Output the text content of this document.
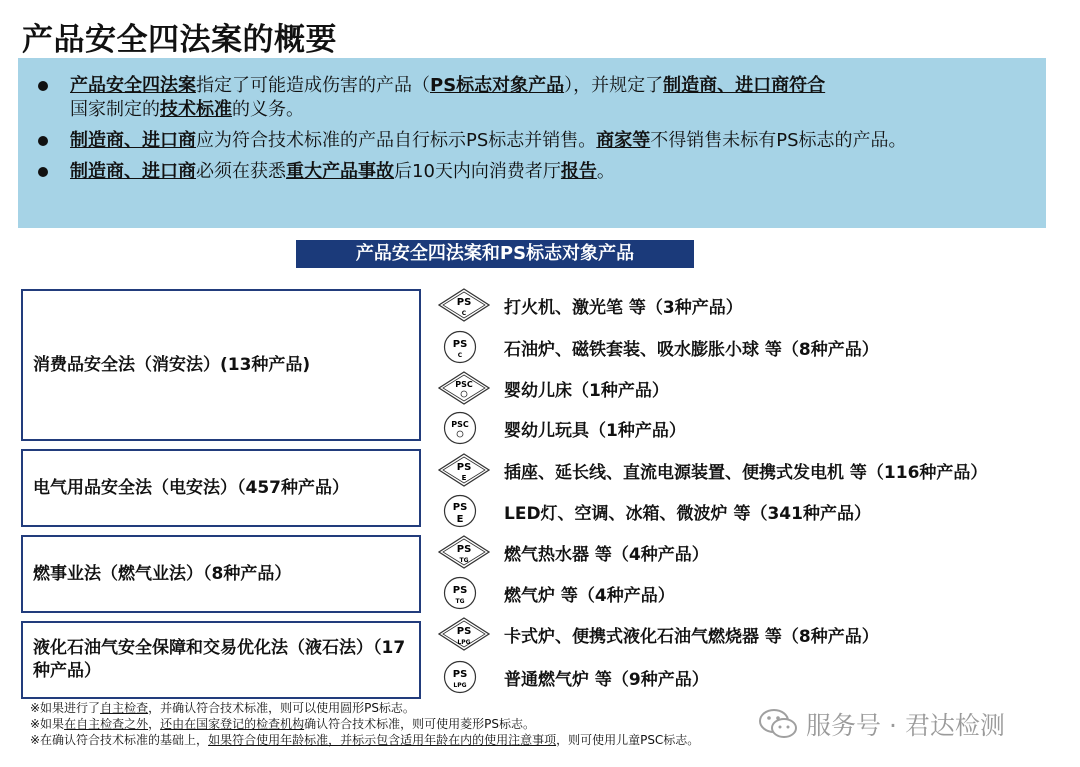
产品安全四法案的概要
产品安全四法案指定了可能造成伤害的产品（PS标志对象产品），并规定了制造商、进口商符合
国家制定的技术标准的义务。
制造商、进口商应为符合技术标准的产品自行标示PS标志并销售。商家等不得销售未标有PS标志的产品。
制造商、进口商必须在获悉重大产品事故后10天内向消费者厅报告。
产品安全四法案和PS标志对象产品
消费品安全法（消安法）(13种产品)
电气用品安全法（电安法）（457种产品）
燃事业法（燃气业法）（8种产品）
液化石油气安全保障和交易优化法（液石法）（17种产品）
PS
C 打火机、激光笔 等（3种产品）
PS
C 石油炉、磁铁套装、吸水膨胀小球 等（8种产品）
PSC 婴幼儿床（1种产品）
PSC 婴幼儿玩具（1种产品）
PS
E 插座、延长线、直流电源装置、便携式发电机 等（116种产品）
PS
E LED灯、空调、冰箱、微波炉 等（341种产品）
PS
TG 燃气热水器 等（4种产品）
PS
TG 燃气炉 等（4种产品）
PS
LPG 卡式炉、便携式液化石油气燃烧器 等（8种产品）
PS
LPG 普通燃气炉 等（9种产品）
※如果进行了自主检查，并确认符合技术标准，则可以使用圆形PS标志。
※如果在自主检查之外，还由在国家登记的检查机构确认符合技术标准，则可使用菱形PS标志。
※在确认符合技术标准的基础上，如果符合使用年龄标准，并标示包含适用年龄在内的使用注意事项，则可使用儿童PSC标志。	服务号 · 君达检测
